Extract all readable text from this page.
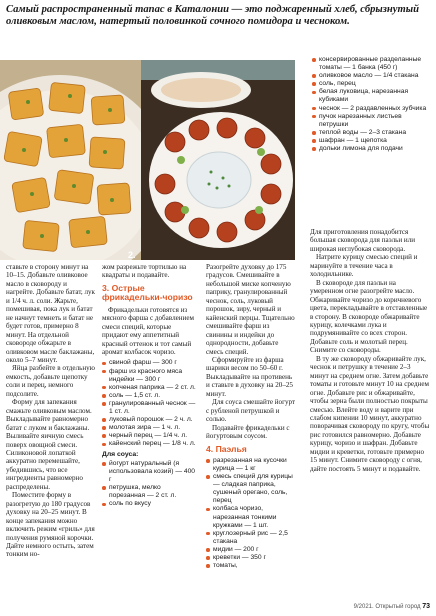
Самый распространенный тапас в Каталонии — это поджаренный хлеб, сбрызнутый оливковым маслом, натертый половинкой сочного помидора и чесноком.
2.
консервированные разделанные томаты — 1 банка (450 г)
оливковое масло — 1/4 стакана
соль, перец
белая луковица, нарезанная кубиками
чеснок — 2 раздавленных зубчика
пучок нарезанных листьев петрушки
теплой воды — 2–3 стакана
шафран — 1 щепотка
дольки лимона для подачи

ставьте в сторону минут на 10–15. Добавьте оливковое масло в сковороду и нагрейте. Добавьте батат, лук и 1/4 ч. л. соли. Жарьте, помешивая, пока лук и батат не начнут темнеть и батат не будет готов, примерно 8 минут. На отдельной сковороде обжарьте в оливковом масле баклажаны, около 5–7 минут.

Яйца разбейте в отдельную емкость, добавьте щепотку соли и перец, немного подсолите.

Форму для запекания смажьте оливковым маслом. Выкладывайте равномерно батат с луком и баклажаны. Выливайте яичную смесь поверх овощной смеси. Силиконовой лопаткой аккуратно перемешайте, убедившись, что все ингредиенты равномерно распределены.

Поместите форму в разогретую до 180 градусов духовку на 20–25 минут. В конце запекания можно включить режим «гриль» для получения румяной корочки. Дайте немного остыть, затем тонким но-

жом разрежьте тортилью на квадраты и подавайте.

3. Острые фрикадельки-чоризо

Фрикадельки готовятся из мясного фарша с добавлением смеси специй, которые придают ему аппетитный красный оттенок и тот самый аромат колбасок чоризо.

свиной фарш — 300 г
фарш из красного мяса индейки — 300 г
копченая паприка — 2 ст. л.
соль — 1,5 ст. л.
гранулированный чеснок — 1 ст. л.
луковый порошок — 2 ч. л.
молотая зира — 1 ч. л.
черный перец — 1/4 ч. л.
кайенский перец — 1/8 ч. л.
Для соуса:
йогурт натуральный (я использовала козий) — 400 г
петрушка, мелко порезанная — 2 ст. л.
соль по вкусу

Разогрейте духовку до 175 градусов. Смешивайте в небольшой миске копченую паприку, гранулированный чеснок, соль, луковый порошок, зиру, черный и кайенский перцы. Тщательно смешивайте фарш из свинины и индейки до однородности, добавьте смесь специй.

Сформируйте из фарша шарики весом по 50–60 г. Выкладывайте на противень и ставьте в духовку на 20–25 минут.

Для соуса смешайте йогурт с рубленой петрушкой и солью.

Подавайте фрикадельки с йогуртовым соусом.

4. Паэлья
разрезанная на кусочки курица — 1 кг
смесь специй для курицы — сладкая паприка, сушеный орегано, соль, перец
колбаса чоризо, нарезанная тонкими кружками — 1 шт.
круглозерный рис — 2,5 стакана
мидии — 200 г
креветки — 350 г
томаты,

Для приготовления понадобится большая сковорода для паэльи или широкая неглубокая сковорода.

Натрите курицу смесью специй и маринуйте в течение часа в холодильнике.

В сковороде для паэльи на умеренном огне разогрейте масло. Обжаривайте чоризо до коричневого цвета, перекладывайте в отставленные в сторону. В сковороде обжаривайте курицу, колечками лука и подрумянивайте со всех сторон. Добавьте соль и молотый перец. Снимите со сковороды.

В ту же сковороду обжаривайте лук, чеснок и петрушку в течение 2–3 минут на среднем огне. Затем добавьте томаты и готовьте минут 10 на среднем огне. Добавьте рис и обжаривайте, чтобы зерна были полностью покрыты смесью. Влейте воду и варите при слабом кипении 10 минут, аккуратно поворачивая сковороду по кругу, чтобы рис готовился равномерно. Добавьте курицу, чоризо и шафран. Добавьте мидии и креветки, готовьте примерно 15 минут. Снимите сковороду с огня, дайте постоять 5 минут и подавайте.

9/2021. Открытый город 73
